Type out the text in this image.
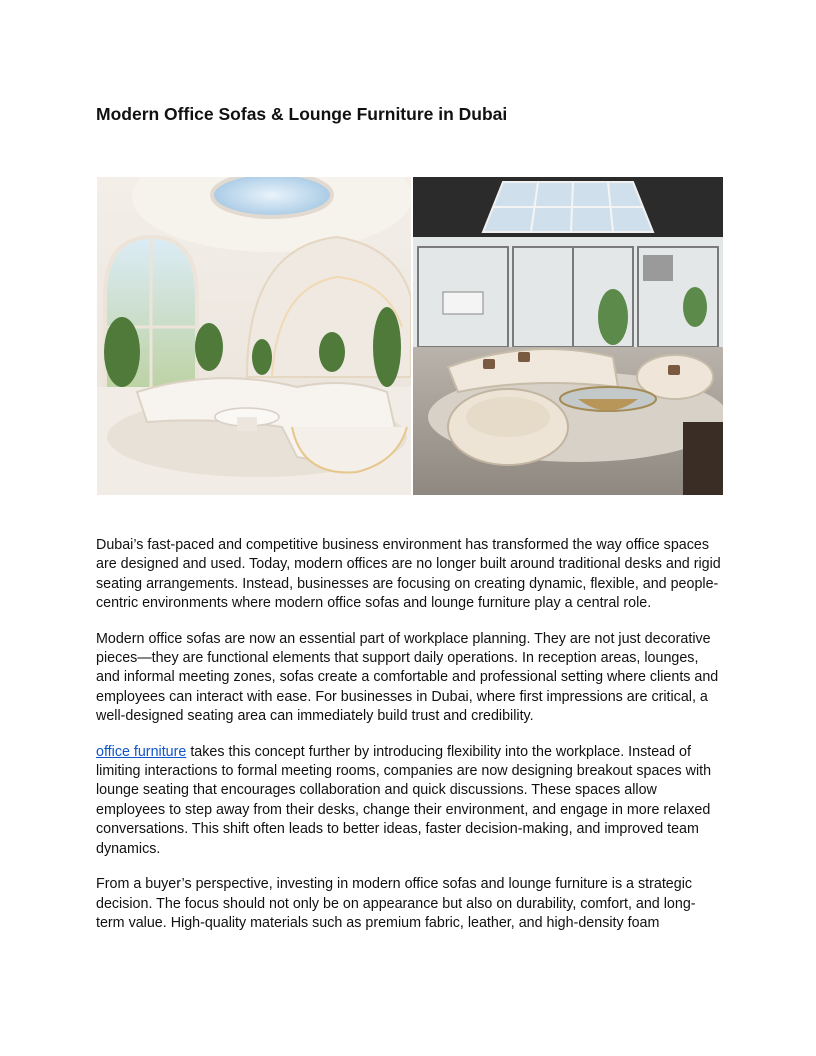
Modern Office Sofas & Lounge Furniture in Dubai

Dubai’s fast-paced and competitive business environment has transformed the way office spaces are designed and used. Today, modern offices are no longer built around traditional desks and rigid seating arrangements. Instead, businesses are focusing on creating dynamic, flexible, and people-centric environments where modern office sofas and lounge furniture play a central role.

Modern office sofas are now an essential part of workplace planning. They are not just decorative pieces—they are functional elements that support daily operations. In reception areas, lounges, and informal meeting zones, sofas create a comfortable and professional setting where clients and employees can interact with ease. For businesses in Dubai, where first impressions are critical, a well-designed seating area can immediately build trust and credibility.

office furniture takes this concept further by introducing flexibility into the workplace. Instead of limiting interactions to formal meeting rooms, companies are now designing breakout spaces with lounge seating that encourages collaboration and quick discussions. These spaces allow employees to step away from their desks, change their environment, and engage in more relaxed conversations. This shift often leads to better ideas, faster decision-making, and improved team dynamics.

From a buyer’s perspective, investing in modern office sofas and lounge furniture is a strategic decision. The focus should not only be on appearance but also on durability, comfort, and long-term value. High-quality materials such as premium fabric, leather, and high-density foam
